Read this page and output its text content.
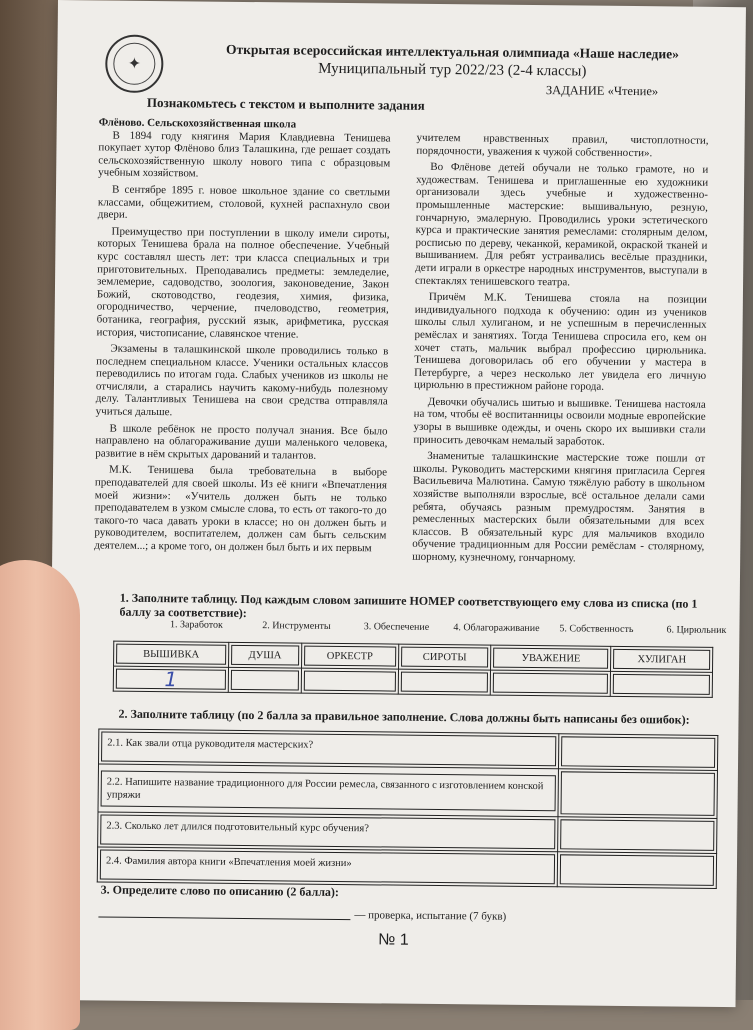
✦
Открытая всероссийская интеллектуальная олимпиада «Наше наследие»
Муниципальный тур 2022/23 (2-4 классы)
ЗАДАНИЕ «Чтение»
Познакомьтесь с текстом и выполните задания

Флёново. Сельскохозяйственная школа

В 1894 году княгиня Мария Клавдиевна Тенишева покупает хутор Флёново близ Талашкина, где решает создать сельскохозяйственную школу нового типа с образцовым учебным хозяйством.

В сентябре 1895 г. новое школьное здание со светлыми классами, общежитием, столовой, кухней распахнуло свои двери.

Преимущество при поступлении в школу имели сироты, которых Тенишева брала на полное обеспечение. Учебный курс составлял шесть лет: три класса специальных и три приготовительных. Преподавались предметы: земледелие, землемерие, садоводство, зоология, законоведение, Закон Божий, скотоводство, геодезия, химия, физика, огородничество, черчение, пчеловодство, геометрия, ботаника, география, русский язык, арифметика, русская история, чистописание, славянское чтение.

Экзамены в талашкинской школе проводились только в последнем специальном классе. Ученики остальных классов переводились по итогам года. Слабых учеников из школы не отчисляли, а старались научить какому-нибудь полезному делу. Талантливых Тенишева на свои средства отправляла учиться дальше.

В школе ребёнок не просто получал знания. Все было направлено на облагораживание души маленького человека, развитие в нём скрытых дарований и талантов.

М.К. Тенишева была требовательна в выборе преподавателей для своей школы. Из её книги «Впечатления моей жизни»: «Учитель должен быть не только преподавателем в узком смысле слова, то есть от такого-то до такого-то часа давать уроки в классе; но он должен быть и руководителем, воспитателем, должен сам быть сельским деятелем...; а кроме того, он должен был быть и их первым

учителем нравственных правил, чистоплотности, порядочности, уважения к чужой собственности».

Во Флёнове детей обучали не только грамоте, но и художествам. Тенишева и приглашенные ею художники организовали здесь учебные и художественно-промышленные мастерские: вышивальную, резную, гончарную, эмалерную. Проводились уроки эстетического курса и практические занятия ремеслами: столярным делом, росписью по дереву, чеканкой, керамикой, окраской тканей и вышиванием. Для ребят устраивались весёлые праздники, дети играли в оркестре народных инструментов, выступали в спектаклях тенишевского театра.

Причём М.К. Тенишева стояла на позиции индивидуального подхода к обучению: один из учеников школы слыл хулиганом, и не успешным в перечисленных ремёслах и занятиях. Тогда Тенишева спросила его, кем он хочет стать, мальчик выбрал профессию цирюльника. Тенишева договорилась об его обучении у мастера в Петербурге, а через несколько лет увидела его личную цирюльню в престижном районе города.

Девочки обучались шитью и вышивке. Тенишева настояла на том, чтобы её воспитанницы освоили модные европейские узоры в вышивке одежды, и очень скоро их вышивки стали приносить девочкам немалый заработок.

Знаменитые талашкинские мастерские тоже пошли от школы. Руководить мастерскими княгиня пригласила Сергея Васильевича Малютина. Самую тяжёлую работу в школьном хозяйстве выполняли взрослые, всё остальное делали сами ребята, обучаясь разным премудростям. Занятия в ремесленных мастерских были обязательными для всех классов. В обязательный курс для мальчиков входило обучение традиционным для России ремёслам - столярному, шорному, кузнечному, гончарному.

1. Заполните таблицу. Под каждым словом запишите НОМЕР соответствующего ему слова из списка (по 1 баллу за соответствие):
1. Заработок	2. Инструменты	3. Обеспечение	4. Облагораживание	5. Собственность	6. Цирюльник
ВЫШИВКА	ДУША	ОРКЕСТР	СИРОТЫ	УВАЖЕНИЕ	ХУЛИГАН

1					

2. Заполните таблицу (по 2 балла за правильное заполнение. Слова должны быть написаны без ошибок):
2.1. Как звали отца руководителя мастерских?	

2.2. Напишите название традиционного для России ремесла, связанного с изготовлением конской упряжи	

2.3. Сколько лет длился подготовительный курс обучения?	

2.4. Фамилия автора книги «Впечатления моей жизни»	

3. Определите слово по описанию (2 балла):
— проверка, испытание (7 букв)
№ 1
